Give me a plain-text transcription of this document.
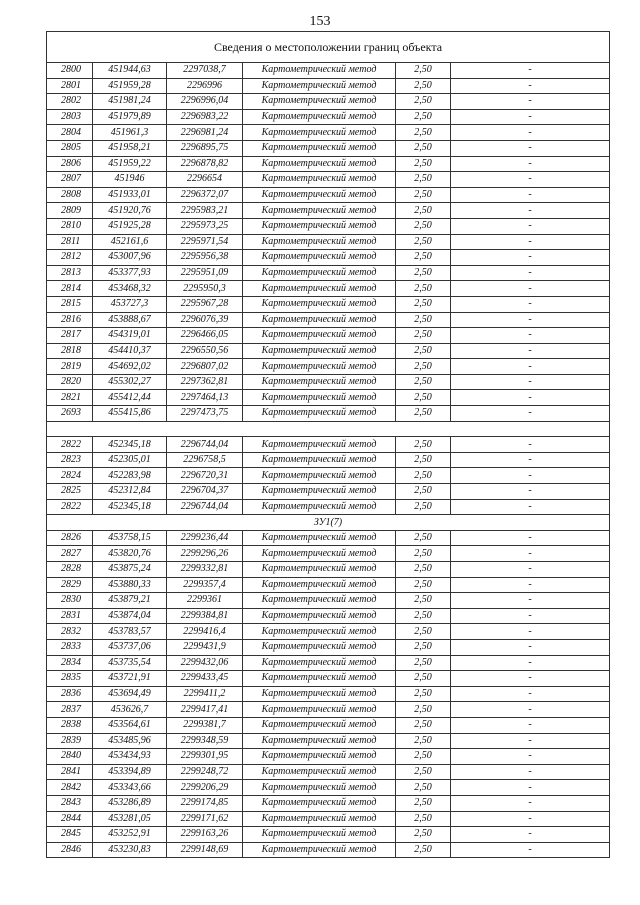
153
Сведения о местоположении границ объекта					
2800	451944,63	2297038,7	Картометрический метод	2,50	-
2801	451959,28	2296996	Картометрический метод	2,50	-
2802	451981,24	2296996,04	Картометрический метод	2,50	-
2803	451979,89	2296983,22	Картометрический метод	2,50	-
2804	451961,3	2296981,24	Картометрический метод	2,50	-
2805	451958,21	2296895,75	Картометрический метод	2,50	-
2806	451959,22	2296878,82	Картометрический метод	2,50	-
2807	451946	2296654	Картометрический метод	2,50	-
2808	451933,01	2296372,07	Картометрический метод	2,50	-
2809	451920,76	2295983,21	Картометрический метод	2,50	-
2810	451925,28	2295973,25	Картометрический метод	2,50	-
2811	452161,6	2295971,54	Картометрический метод	2,50	-
2812	453007,96	2295956,38	Картометрический метод	2,50	-
2813	453377,93	2295951,09	Картометрический метод	2,50	-
2814	453468,32	2295950,3	Картометрический метод	2,50	-
2815	453727,3	2295967,28	Картометрический метод	2,50	-
2816	453888,67	2296076,39	Картометрический метод	2,50	-
2817	454319,01	2296466,05	Картометрический метод	2,50	-
2818	454410,37	2296550,56	Картометрический метод	2,50	-
2819	454692,02	2296807,02	Картометрический метод	2,50	-
2820	455302,27	2297362,81	Картометрический метод	2,50	-
2821	455412,44	2297464,13	Картометрический метод	2,50	-
2693	455415,86	2297473,75	Картометрический метод	2,50	-

2822	452345,18	2296744,04	Картометрический метод	2,50	-
2823	452305,01	2296758,5	Картометрический метод	2,50	-
2824	452283,98	2296720,31	Картометрический метод	2,50	-
2825	452312,84	2296704,37	Картометрический метод	2,50	-
2822	452345,18	2296744,04	Картометрический метод	2,50	-
ЗУ1(7)					
2826	453758,15	2299236,44	Картометрический метод	2,50	-
2827	453820,76	2299296,26	Картометрический метод	2,50	-
2828	453875,24	2299332,81	Картометрический метод	2,50	-
2829	453880,33	2299357,4	Картометрический метод	2,50	-
2830	453879,21	2299361	Картометрический метод	2,50	-
2831	453874,04	2299384,81	Картометрический метод	2,50	-
2832	453783,57	2299416,4	Картометрический метод	2,50	-
2833	453737,06	2299431,9	Картометрический метод	2,50	-
2834	453735,54	2299432,06	Картометрический метод	2,50	-
2835	453721,91	2299433,45	Картометрический метод	2,50	-
2836	453694,49	2299411,2	Картометрический метод	2,50	-
2837	453626,7	2299417,41	Картометрический метод	2,50	-
2838	453564,61	2299381,7	Картометрический метод	2,50	-
2839	453485,96	2299348,59	Картометрический метод	2,50	-
2840	453434,93	2299301,95	Картометрический метод	2,50	-
2841	453394,89	2299248,72	Картометрический метод	2,50	-
2842	453343,66	2299206,29	Картометрический метод	2,50	-
2843	453286,89	2299174,85	Картометрический метод	2,50	-
2844	453281,05	2299171,62	Картометрический метод	2,50	-
2845	453252,91	2299163,26	Картометрический метод	2,50	-
2846	453230,83	2299148,69	Картометрический метод	2,50	-
